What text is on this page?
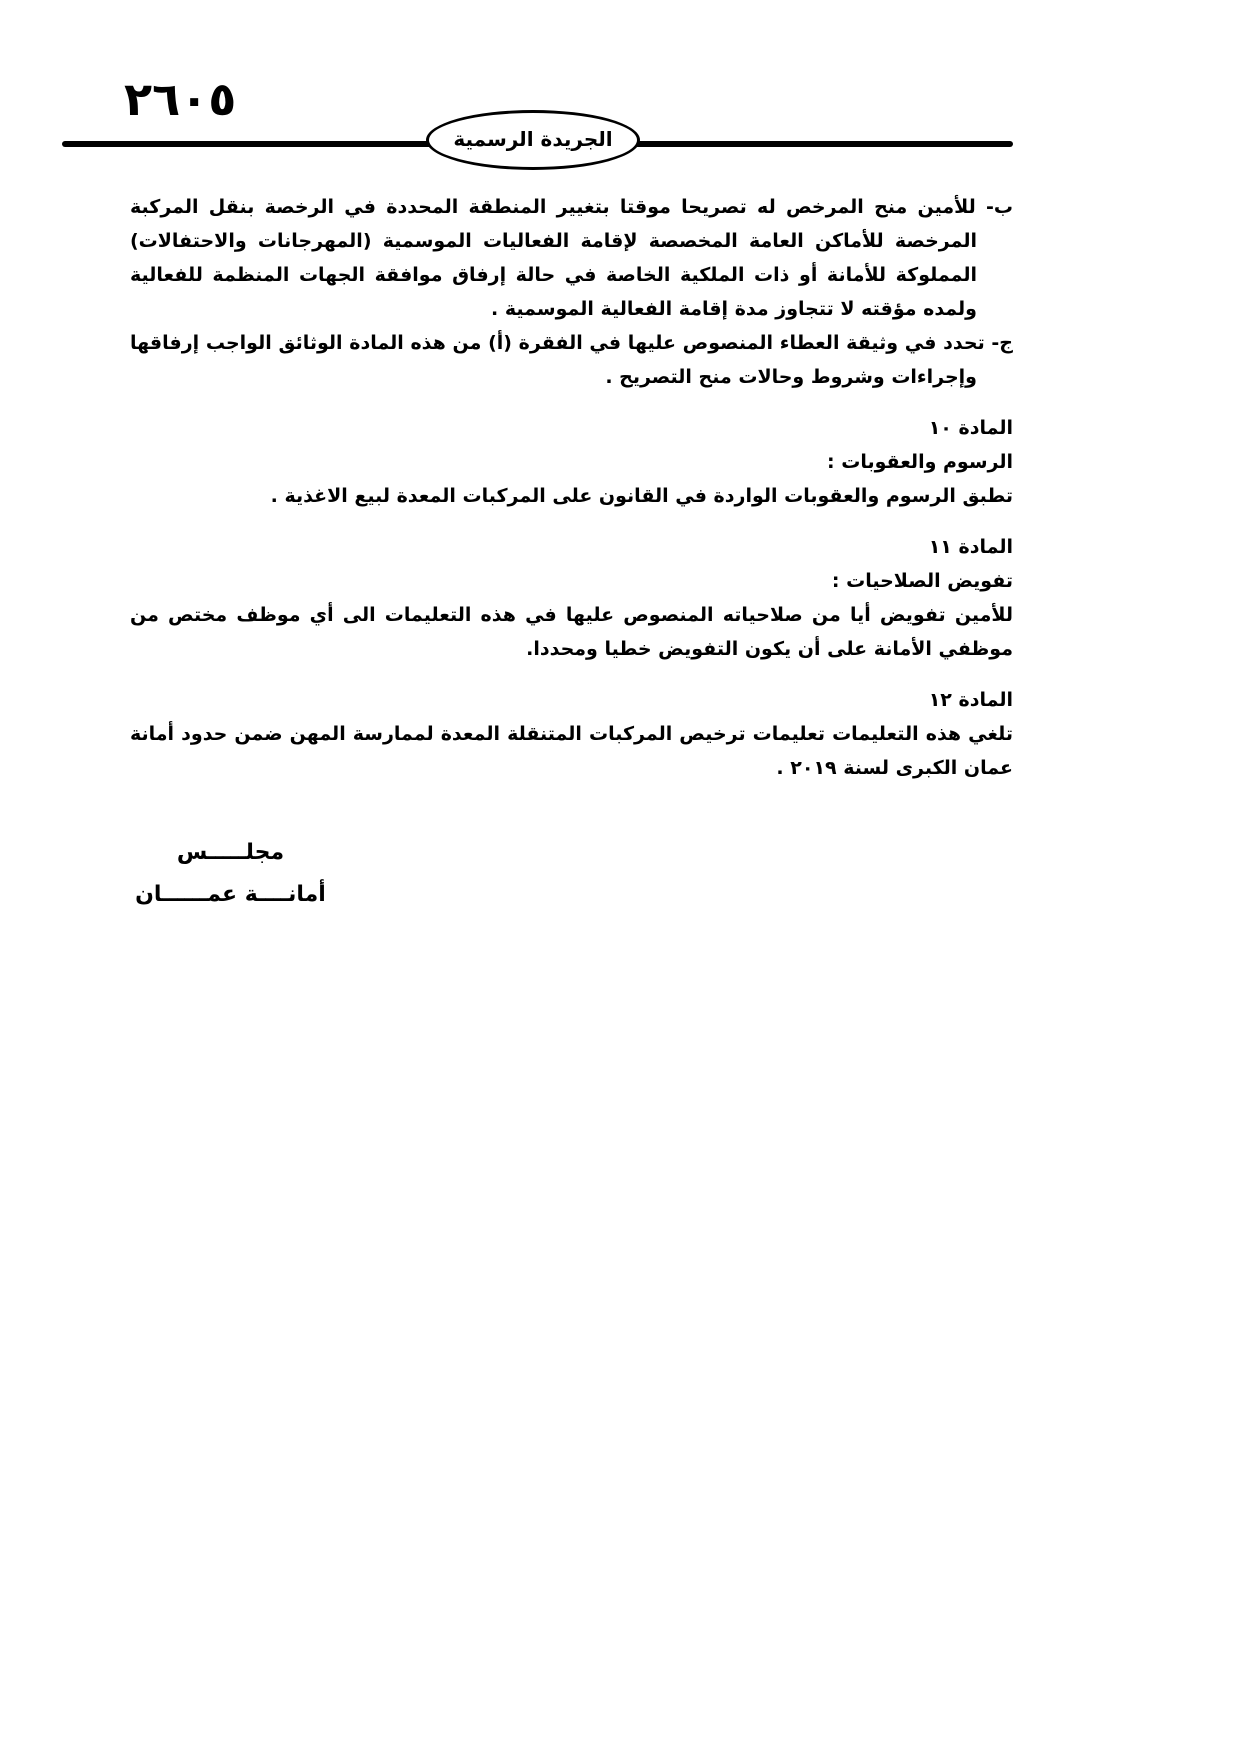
٢٦٠٥
الجريدة الرسمية

ب- للأمين منح المرخص له تصريحا موقتا بتغيير المنطقة المحددة في الرخصة بنقل المركبة المرخصة للأماكن العامة المخصصة لإقامة الفعاليات الموسمية (المهرجانات والاحتفالات) المملوكة للأمانة أو ذات الملكية الخاصة في حالة إرفاق موافقة الجهات المنظمة للفعالية ولمده مؤقته لا تتجاوز مدة إقامة الفعالية الموسمية .

ج- تحدد في وثيقة العطاء المنصوص عليها في الفقرة (أ) من هذه المادة الوثائق الواجب إرفاقها وإجراءات وشروط وحالات منح التصريح .

المادة ١٠

الرسوم والعقوبات :

تطبق الرسوم والعقوبات الواردة في القانون على المركبات المعدة لبيع الاغذية .

المادة ١١

تفويض الصلاحيات :

للأمين تفويض أيا من صلاحياته المنصوص عليها في هذه التعليمات الى أي موظف مختص من موظفي الأمانة على أن يكون التفويض خطيا ومحددا.

المادة ١٢

تلغي هذه التعليمات تعليمات ترخيص المركبات المتنقلة المعدة لممارسة المهن ضمن حدود أمانة عمان الكبرى لسنة ٢٠١٩ .

مجلـــــس
أمانــــة عمــــــان
